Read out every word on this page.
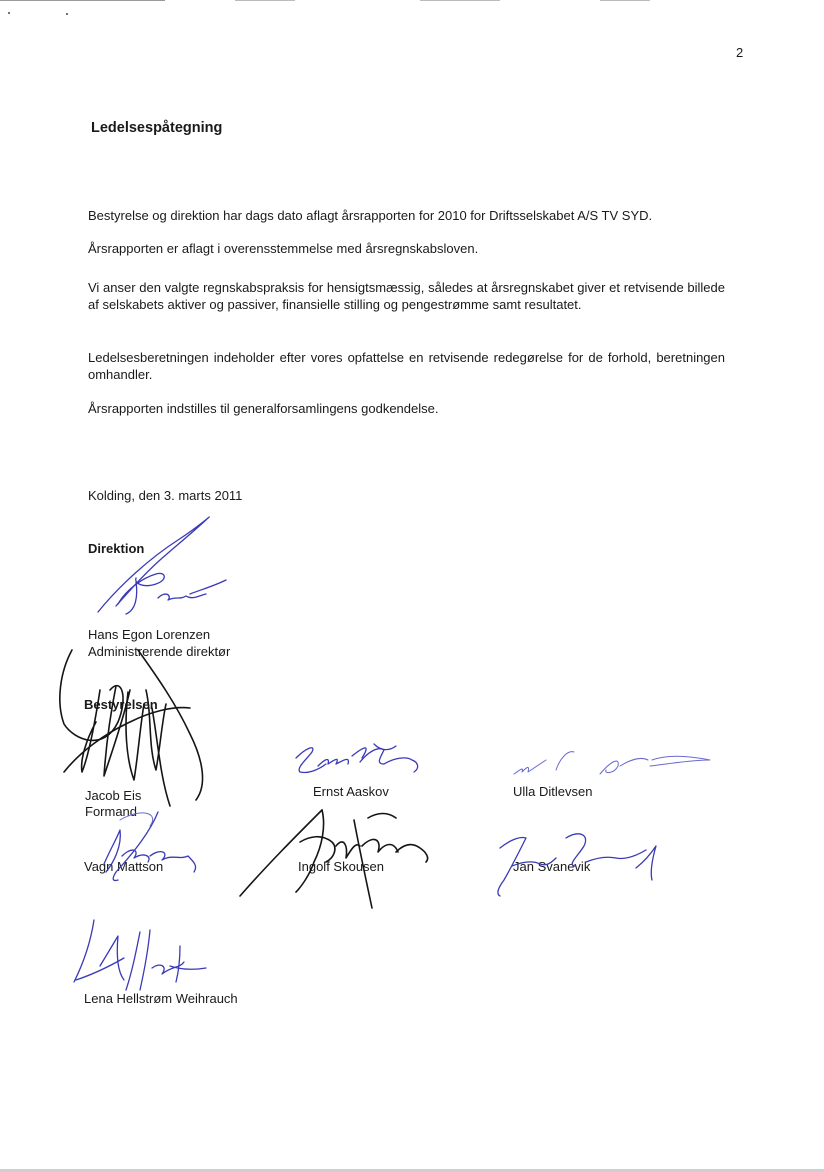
2
Ledelsespåtegning

Bestyrelse og direktion har dags dato aflagt årsrapporten for 2010 for Driftsselskabet A/S TV SYD.

Årsrapporten er aflagt i overensstemmelse med årsregnskabsloven.

Vi anser den valgte regnskabspraksis for hensigtsmæssig, således at årsregnskabet giver et retvisende billede af selskabets aktiver og passiver, finansielle stilling og pengestrømme samt resultatet.

Ledelsesberetningen indeholder efter vores opfattelse en retvisende redegørelse for de forhold, beretningen omhandler.

Årsrapporten indstilles til generalforsamlingens godkendelse.

Kolding, den 3. marts 2011
Direktion
Hans Egon Lorenzen
Administrerende direktør
Bestyrelsen
Jacob Eis
Formand
Ernst Aaskov	Ulla Ditlevsen
Vagn Mattson	Ingolf Skousen	Jan Svanevik
Lena Hellstrøm Weihrauch
